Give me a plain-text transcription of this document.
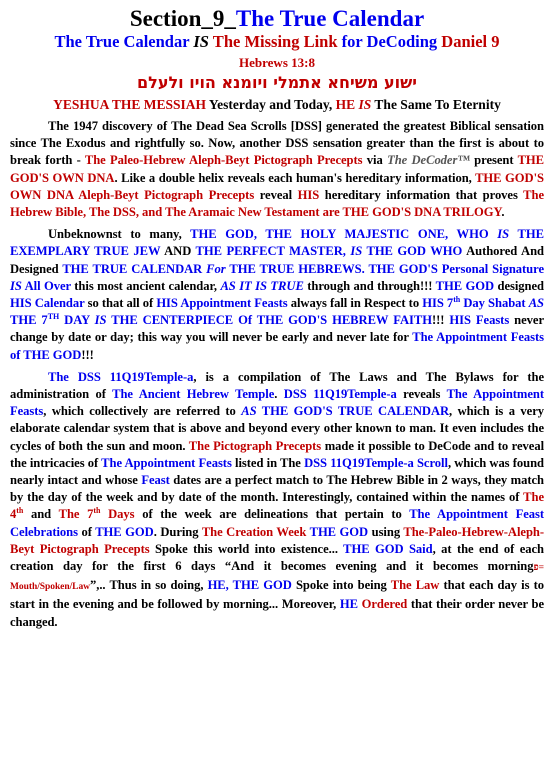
Section_9_The True Calendar
The True Calendar IS The Missing Link for DeCoding Daniel 9
Hebrews 13:8
ישוע משיחא אתמלי ויומנא הויו ולעלם
YESHUA THE MESSIAH Yesterday and Today, HE IS The Same To Eternity

The 1947 discovery of The Dead Sea Scrolls [DSS] generated the greatest Biblical sensation since The Exodus and rightfully so. Now, another DSS sensation greater than the first is about to break forth - The Paleo-Hebrew Aleph-Beyt Pictograph Precepts via The DeCoder™ present THE GOD'S OWN DNA. Like a double helix reveals each human's hereditary information, THE GOD'S OWN DNA Aleph-Beyt Pictograph Precepts reveal HIS hereditary information that proves The Hebrew Bible, The DSS, and The Aramaic New Testament are THE GOD'S DNA TRILOGY.

Unbeknownst to many, THE GOD, THE HOLY MAJESTIC ONE, WHO IS THE EXEMPLARY TRUE JEW AND THE PERFECT MASTER, IS THE GOD WHO Authored And Designed THE TRUE CALENDAR For THE TRUE HEBREWS. THE GOD'S Personal Signature IS All Over this most ancient calendar, AS IT IS TRUE through and through!!! THE GOD designed HIS Calendar so that all of HIS Appointment Feasts always fall in Respect to HIS 7th Day Shabat AS THE 7TH DAY IS THE CENTERPIECE Of THE GOD'S HEBREW FAITH!!! HIS Feasts never change by date or day; this way you will never be early and never late for The Appointment Feasts of THE GOD!!!

The DSS 11Q19Temple-a, is a compilation of The Laws and The Bylaws for the administration of The Ancient Hebrew Temple. DSS 11Q19Temple-a reveals The Appointment Feasts, which collectively are referred to AS THE GOD'S TRUE CALENDAR, which is a very elaborate calendar system that is above and beyond every other known to man. It even includes the cycles of both the sun and moon. The Pictograph Precepts made it possible to DeCode and to reveal the intricacies of The Appointment Feasts listed in The DSS 11Q19Temple-a Scroll, which was found nearly intact and whose Feast dates are a perfect match to The Hebrew Bible in 2 ways, they match by the day of the week and by date of the month. Interestingly, contained within the names of The 4th and The 7th Days of the week are delineations that pertain to The Appointment Feast Celebrations of THE GOD. During The Creation Week THE GOD using The-Paleo-Hebrew-Aleph-Beyt Pictograph Precepts Spoke this world into existence... THE GOD Said, at the end of each creation day for the first 6 days “And it becomes evening and it becomes morningפ= Mouth/Spoken/Law”,.. Thus in so doing, HE, THE GOD Spoke into being The Law that each day is to start in the evening and be followed by morning... Moreover, HE Ordered that their order never be changed.
